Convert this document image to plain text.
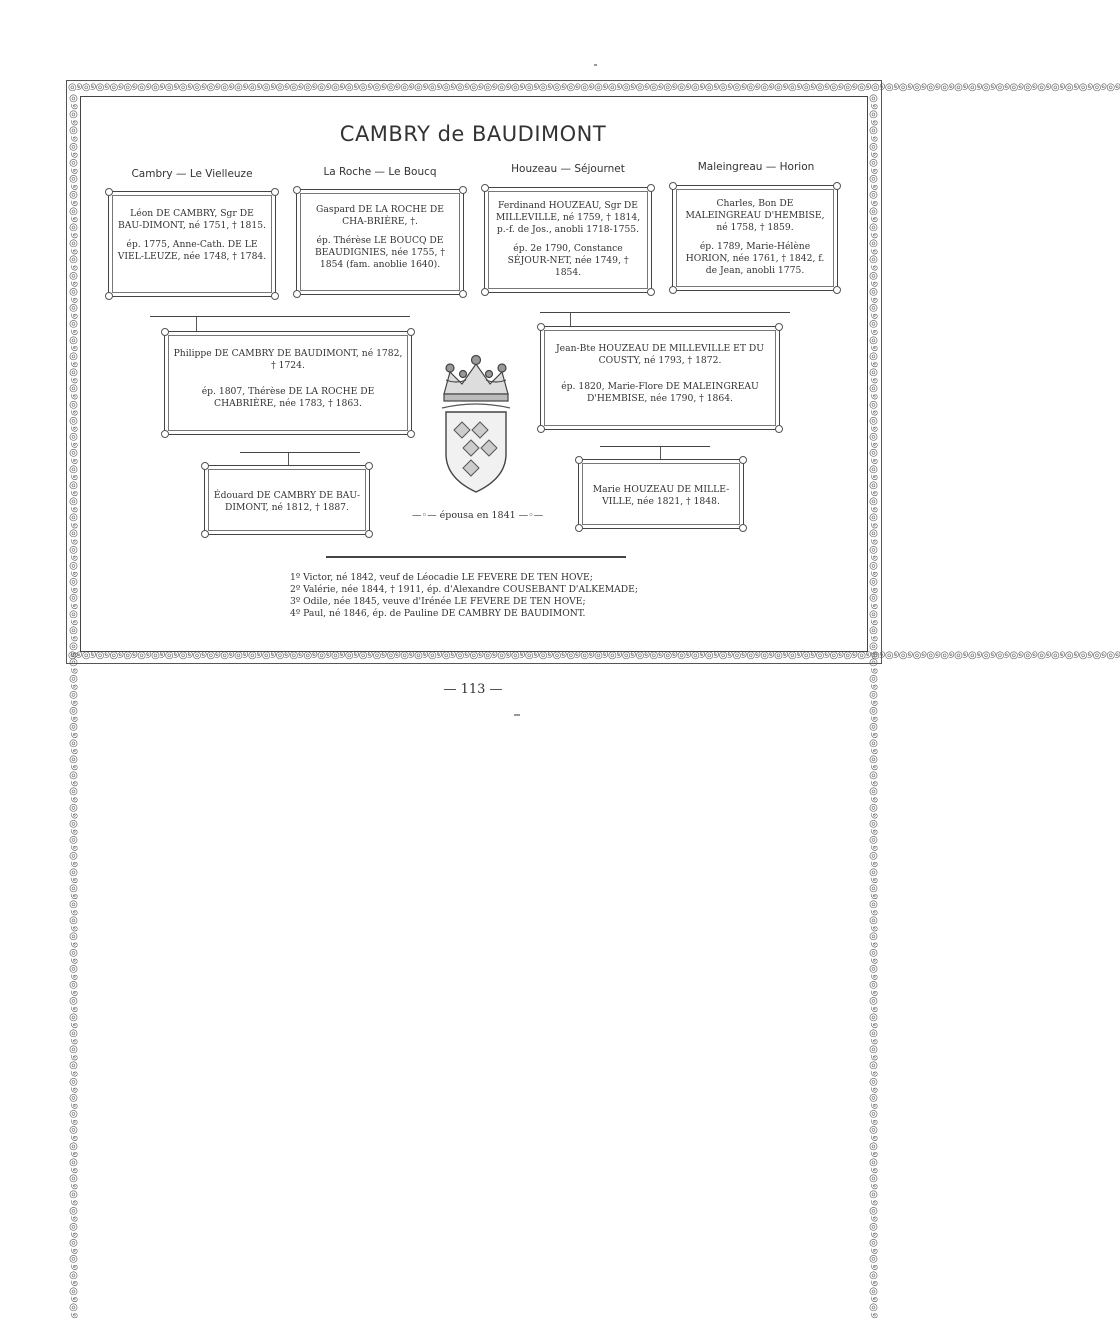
◎୭◎୭◎୭◎୭◎୭◎୭◎୭◎୭◎୭◎୭◎୭◎୭◎୭◎୭◎୭◎୭◎୭◎୭◎୭◎୭◎୭◎୭◎୭◎୭◎୭◎୭◎୭◎୭◎୭◎୭◎୭◎୭◎୭◎୭◎୭◎୭◎୭◎୭◎୭◎୭◎୭◎୭◎୭◎୭◎୭◎୭◎୭◎୭◎୭◎୭◎୭◎୭◎୭◎୭◎୭◎୭◎୭◎୭◎୭◎୭◎୭◎୭◎୭◎୭◎୭◎୭◎୭◎୭◎୭◎୭◎୭◎୭◎୭◎୭◎୭◎୭
◎୭◎୭◎୭◎୭◎୭◎୭◎୭◎୭◎୭◎୭◎୭◎୭◎୭◎୭◎୭◎୭◎୭◎୭◎୭◎୭◎୭◎୭◎୭◎୭◎୭◎୭◎୭◎୭◎୭◎୭◎୭◎୭◎୭◎୭◎୭◎୭◎୭◎୭◎୭◎୭◎୭◎୭◎୭◎୭◎୭◎୭◎୭◎୭◎୭◎୭◎୭◎୭◎୭◎୭◎୭◎୭◎୭◎୭◎୭◎୭◎୭◎୭◎୭◎୭◎୭◎୭◎୭◎୭◎୭◎୭◎୭◎୭◎୭◎୭◎୭◎୭
◎୭◎୭◎୭◎୭◎୭◎୭◎୭◎୭◎୭◎୭◎୭◎୭◎୭◎୭◎୭◎୭◎୭◎୭◎୭◎୭◎୭◎୭◎୭◎୭◎୭◎୭◎୭◎୭◎୭◎୭◎୭◎୭◎୭◎୭◎୭◎୭◎୭◎୭◎୭◎୭◎୭◎୭◎୭◎୭◎୭◎୭◎୭◎୭◎୭◎୭◎୭◎୭◎୭◎୭◎୭◎୭◎୭◎୭◎୭◎୭◎୭◎୭◎୭◎୭◎୭◎୭◎୭◎୭◎୭◎୭◎୭◎୭◎୭◎୭◎୭◎୭	◎୭◎୭◎୭◎୭◎୭◎୭◎୭◎୭◎୭◎୭◎୭◎୭◎୭◎୭◎୭◎୭◎୭◎୭◎୭◎୭◎୭◎୭◎୭◎୭◎୭◎୭◎୭◎୭◎୭◎୭◎୭◎୭◎୭◎୭◎୭◎୭◎୭◎୭◎୭◎୭◎୭◎୭◎୭◎୭◎୭◎୭◎୭◎୭◎୭◎୭◎୭◎୭◎୭◎୭◎୭◎୭◎୭◎୭◎୭◎୭◎୭◎୭◎୭◎୭◎୭◎୭◎୭◎୭◎୭◎୭◎୭◎୭◎୭◎୭◎୭◎୭
CAMBRY de BAUDIMONT
Cambry — Le Vielleuze	La Roche — Le Boucq	Houzeau — Séjournet	Maleingreau — Horion

Léon DE CAMBRY, Sgr DE BAU-DIMONT, né 1751, † 1815.

ép. 1775, Anne-Cath. DE LE VIEL-LEUZE, née 1748, † 1784.

Gaspard DE LA ROCHE DE CHA-BRIÈRE, †.

ép. Thérèse LE BOUCQ DE BEAUDIGNIES, née 1755, † 1854 (fam. anoblie 1640).

Ferdinand HOUZEAU, Sgr DE MILLEVILLE, né 1759, † 1814, p.-f. de Jos., anobli 1718-1755.

ép. 2e 1790, Constance SÉJOUR-NET, née 1749, † 1854.

Charles, Bon DE MALEINGREAU D'HEMBISE, né 1758, † 1859.

ép. 1789, Marie-Hélène HORION, née 1761, † 1842, f. de Jean, anobli 1775.

Philippe DE CAMBRY DE BAUDIMONT, né 1782, † 1724.

ép. 1807, Thérèse DE LA ROCHE DE CHABRIÈRE, née 1783, † 1863.

Jean-Bte HOUZEAU DE MILLEVILLE ET DU COUSTY, né 1793, † 1872.

ép. 1820, Marie-Flore DE MALEINGREAU D'HEMBISE, née 1790, † 1864.

Édouard DE CAMBRY DE BAU-DIMONT, né 1812, † 1887.

Marie HOUZEAU DE MILLE-VILLE, née 1821, † 1848.

—◦— épousa en 1841 —◦—
1º Victor, né 1842, veuf de Léocadie LE FEVERE DE TEN HOVE;
2º Valérie, née 1844, † 1911, ép. d'Alexandre COUSEBANT D'ALKEMADE;
3º Odile, née 1845, veuve d'Irénée LE FEVERE DE TEN HOVE;
4º Paul, né 1846, ép. de Pauline DE CAMBRY DE BAUDIMONT.
— 113 —
